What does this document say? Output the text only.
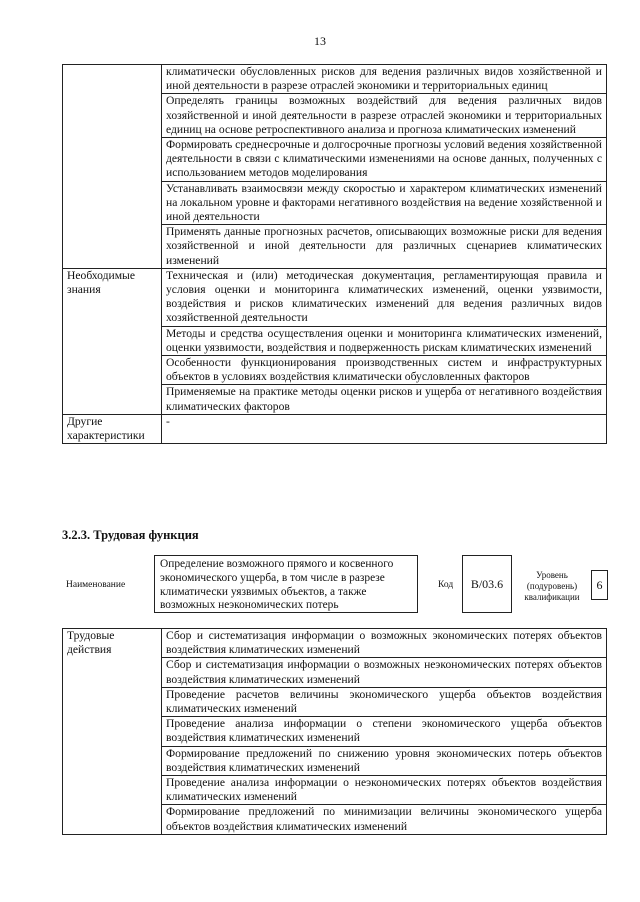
13
	климатически обусловленных рисков для ведения различных видов хозяйственной и иной деятельности в разрезе отраслей экономики и территориальных единиц
	Определять границы возможных воздействий для ведения различных видов хозяйственной и иной деятельности в разрезе отраслей экономики и территориальных единиц на основе ретроспективного анализа и прогноза климатических изменений
	Формировать среднесрочные и долгосрочные прогнозы условий ведения хозяйственной деятельности в связи с климатическими изменениями на основе данных, полученных с использованием методов моделирования
	Устанавливать взаимосвязи между скоростью и характером климатических изменений на локальном уровне и факторами негативного воздействия на ведение хозяйственной и иной деятельности
	Применять данные прогнозных расчетов, описывающих возможные риски для ведения хозяйственной и иной деятельности для различных сценариев климатических изменений
Необходимые знания	Техническая и (или) методическая документация, регламентирующая правила и условия оценки и мониторинга климатических изменений, оценки уязвимости, воздействия и рисков климатических изменений для ведения различных видов хозяйственной деятельности
	Методы и средства осуществления оценки и мониторинга климатических изменений, оценки уязвимости, воздействия и подверженность рискам климатических изменений
	Особенности функционирования производственных систем и инфраструктурных объектов в условиях воздействия климатически обусловленных факторов
	Применяемые на практике методы оценки рисков и ущерба от негативного воздействия климатических факторов
Другие характеристики	-
3.2.3. Трудовая функция
Наименование
Определение возможного прямого и косвенного экономического ущерба, в том числе в разрезе климатически уязвимых объектов, а также возможных неэкономических потерь
Код	B/03.6
Уровень (подуровень) квалификации
6
Трудовые действия	Сбор и систематизация информации о возможных экономических потерях объектов воздействия климатических изменений
Сбор и систематизация информации о возможных неэкономических потерях объектов воздействия климатических изменений
Проведение расчетов величины экономического ущерба объектов воздействия климатических изменений
Проведение анализа информации о степени экономического ущерба объектов воздействия климатических изменений
Формирование предложений по снижению уровня экономических потерь объектов воздействия климатических изменений
Проведение анализа информации о неэкономических потерях объектов воздействия климатических изменений
Формирование предложений по минимизации величины экономического ущерба объектов воздействия климатических изменений
